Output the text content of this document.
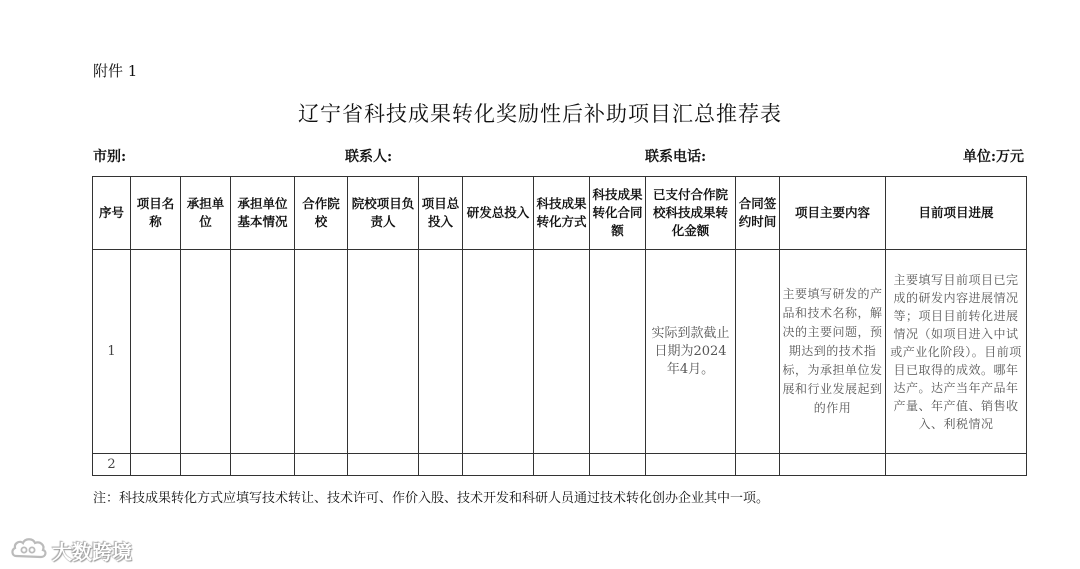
附件 1
辽宁省科技成果转化奖励性后补助项目汇总推荐表
市别:	联系人:	联系电话:	单位:万元
序号	项目名称	承担单位	承担单位基本情况	合作院校	院校项目负责人	项目总投入	研发总投入	科技成果转化方式	科技成果转化合同额	已支付合作院校科技成果转化金额	合同签约时间	项目主要内容	目前项目进展
1										实际到款截止日期为2024年4月。		主要填写研发的产品和技术名称，解决的主要问题，预期达到的技术指标，为承担单位发展和行业发展起到的作用	主要填写目前项目已完成的研发内容进展情况等；项目目前转化进展情况（如项目进入中试或产业化阶段）。目前项目已取得的成效。哪年达产。达产当年产品年产量、年产值、销售收入、利税情况
2													
注：科技成果转化方式应填写技术转让、技术许可、作价入股、技术开发和科研人员通过技术转化创办企业其中一项。
大数跨境
